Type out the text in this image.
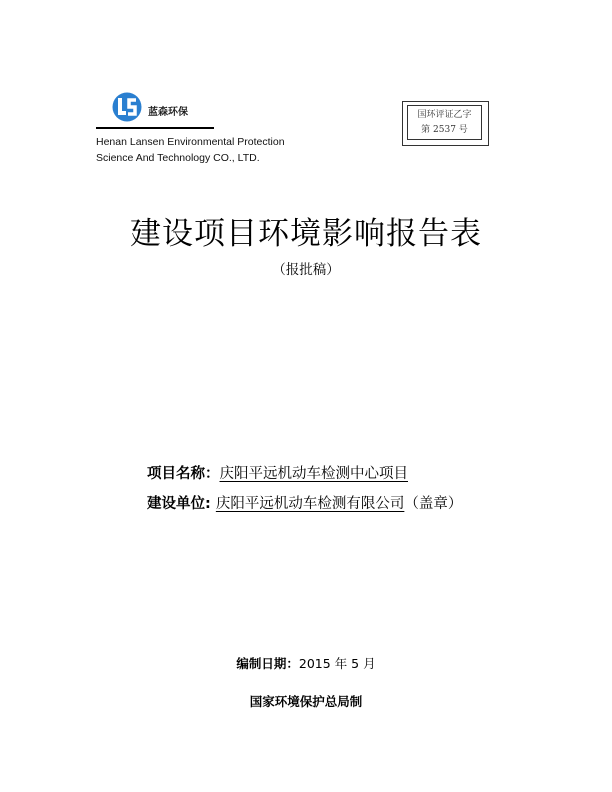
蓝森环保
Henan Lansen Environmental Protection
Science And Technology CO., LTD.
国环评证乙字
第 2537 号
建设项目环境影响报告表
（报批稿）
项目名称：庆阳平远机动车检测中心项目
建设单位: 庆阳平远机动车检测有限公司（盖章）
编制日期：2015 年 5 月
国家环境保护总局制
